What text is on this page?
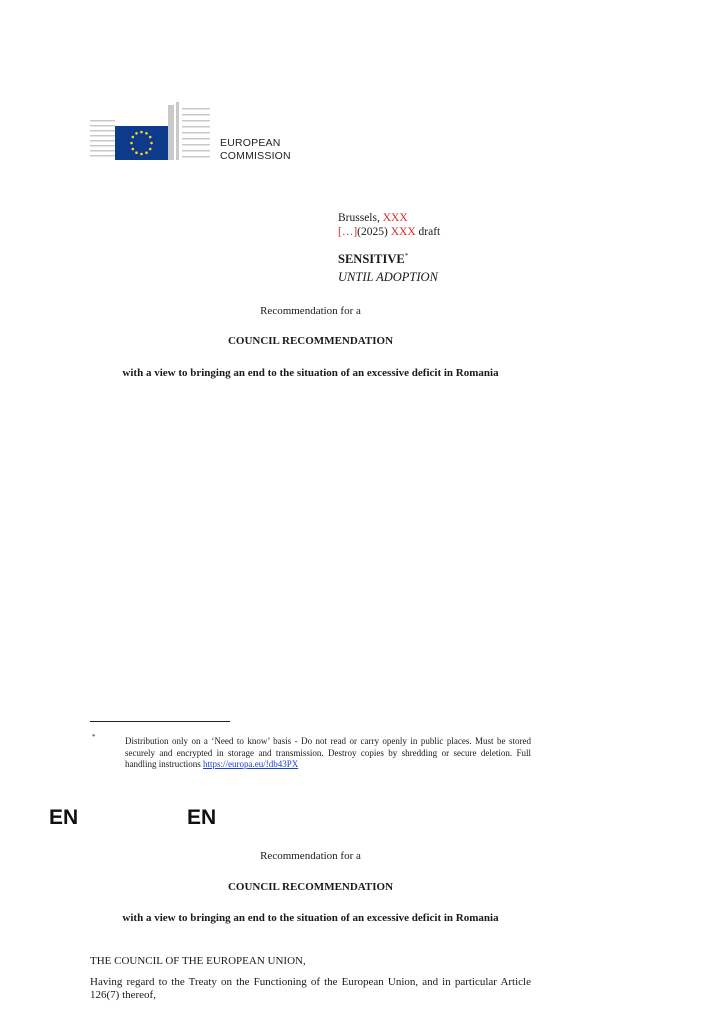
EUROPEAN
COMMISSION
Brussels, XXX
[…](2025) XXX draft
SENSITIVE*
UNTIL ADOPTION
Recommendation for a
COUNCIL RECOMMENDATION
with a view to bringing an end to the situation of an excessive deficit in Romania
*	Distribution only on a ‘Need to know’ basis - Do not read or carry openly in public places. Must be stored securely and encrypted in storage and transmission. Destroy copies by shredding or secure deletion. Full handling instructions https://europa.eu/!db43PX
EN	EN
Recommendation for a
COUNCIL RECOMMENDATION
with a view to bringing an end to the situation of an excessive deficit in Romania
THE COUNCIL OF THE EUROPEAN UNION,
Having regard to the Treaty on the Functioning of the European Union, and in particular Article 126(7) thereof,
